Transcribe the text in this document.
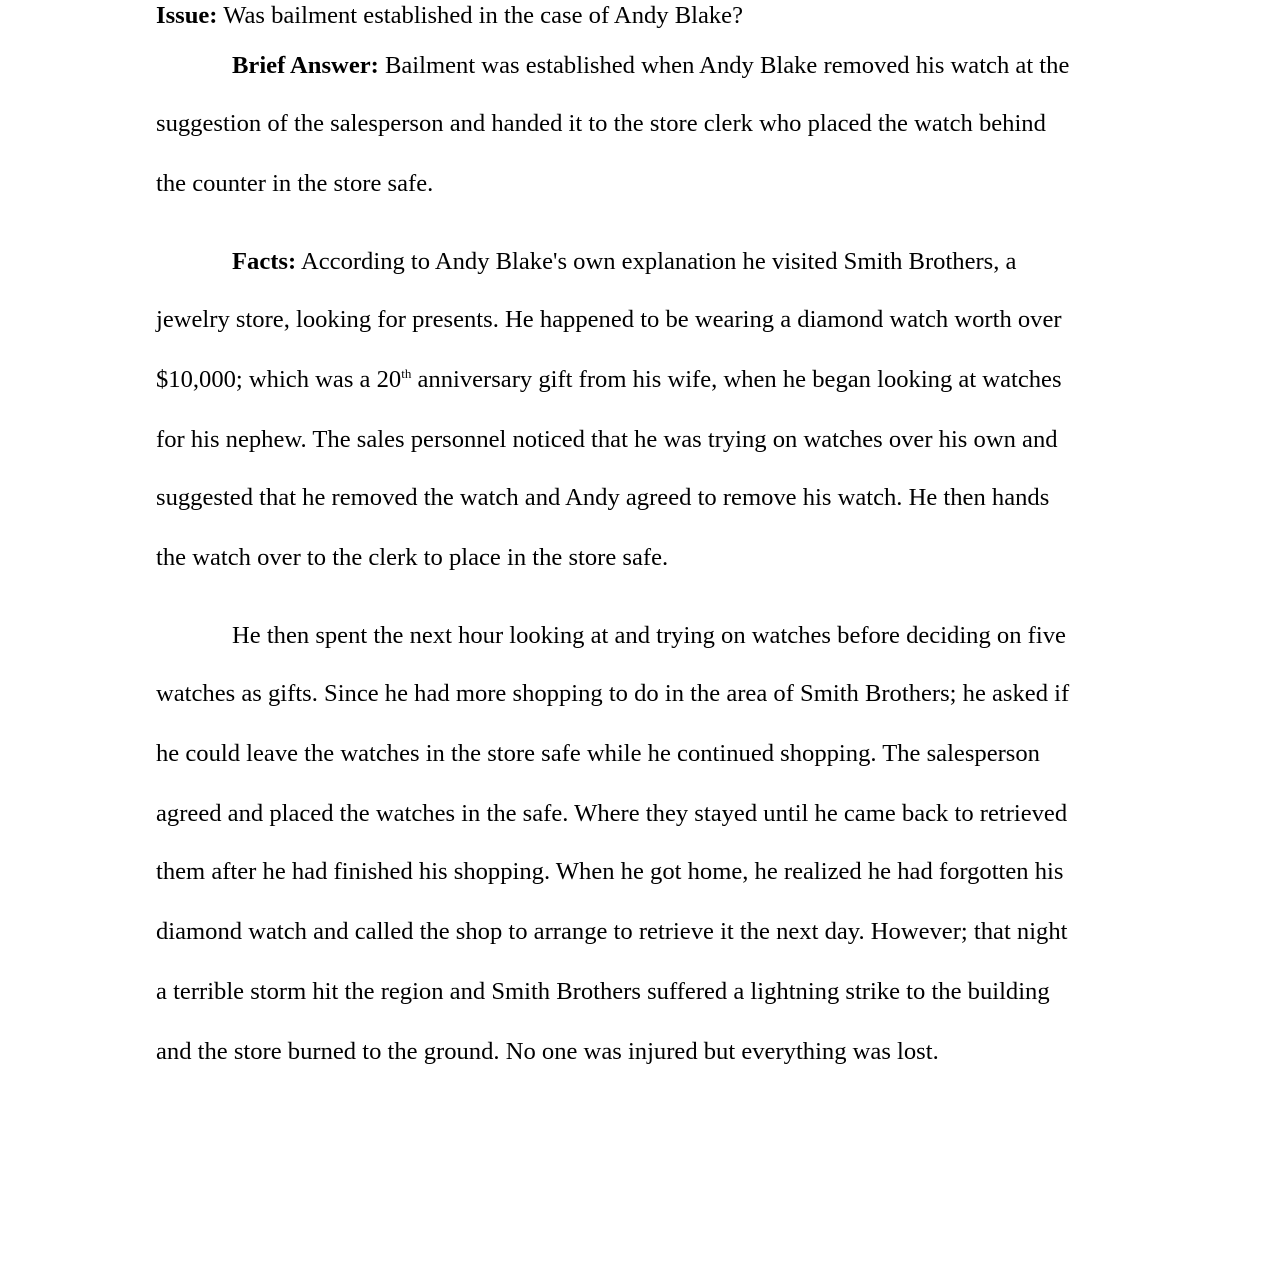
Issue: Was bailment established in the case of Andy Blake?
Brief Answer: Bailment was established when Andy Blake removed his watch at the
suggestion of the salesperson and handed it to the store clerk who placed the watch behind
the counter in the store safe.
Facts: According to Andy Blake's own explanation he visited Smith Brothers, a
jewelry store, looking for presents. He happened to be wearing a diamond watch worth over
$10,000; which was a 20th anniversary gift from his wife, when he began looking at watches
for his nephew. The sales personnel noticed that he was trying on watches over his own and
suggested that he removed the watch and Andy agreed to remove his watch. He then hands
the watch over to the clerk to place in the store safe.
He then spent the next hour looking at and trying on watches before deciding on five
watches as gifts. Since he had more shopping to do in the area of Smith Brothers; he asked if
he could leave the watches in the store safe while he continued shopping. The salesperson
agreed and placed the watches in the safe. Where they stayed until he came back to retrieved
them after he had finished his shopping. When he got home, he realized he had forgotten his
diamond watch and called the shop to arrange to retrieve it the next day. However; that night
a terrible storm hit the region and Smith Brothers suffered a lightning strike to the building
and the store burned to the ground. No one was injured but everything was lost.
